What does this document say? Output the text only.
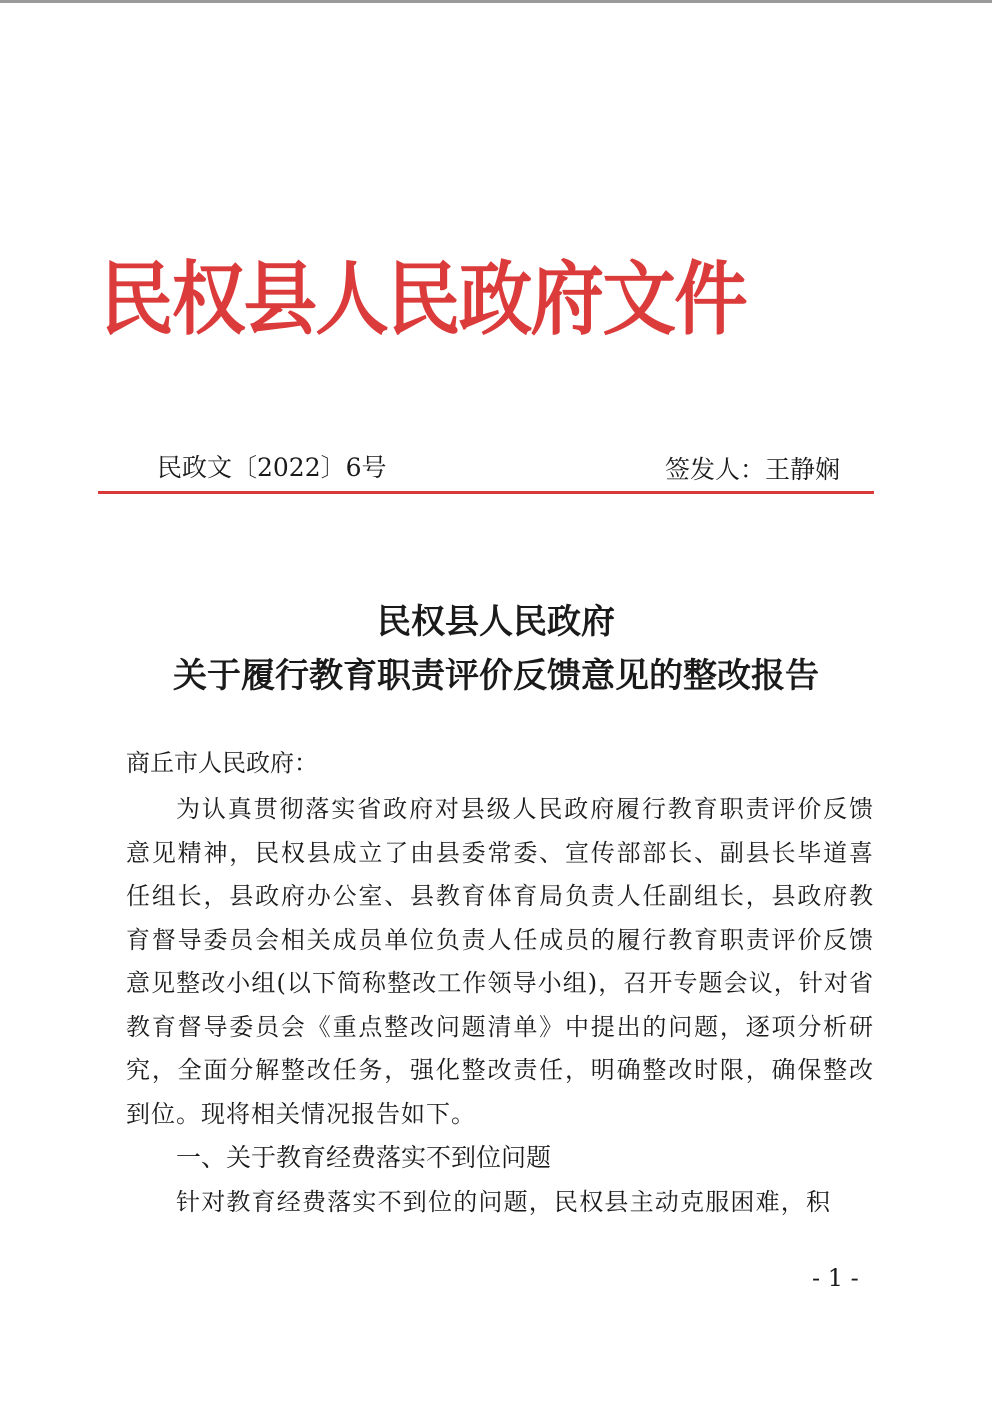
民权县人民政府文件
民政文〔2022〕6号	签发人：王静娴
民权县人民政府
关于履行教育职责评价反馈意见的整改报告
商丘市人民政府：
为认真贯彻落实省政府对县级人民政府履行教育职责评价反馈意见精神，民权县成立了由县委常委、宣传部部长、副县长毕道喜任组长，县政府办公室、县教育体育局负责人任副组长，县政府教育督导委员会相关成员单位负责人任成员的履行教育职责评价反馈意见整改小组(以下简称整改工作领导小组)，召开专题会议，针对省教育督导委员会《重点整改问题清单》中提出的问题，逐项分析研究，全面分解整改任务，强化整改责任，明确整改时限，确保整改到位。现将相关情况报告如下。
一、关于教育经费落实不到位问题
针对教育经费落实不到位的问题，民权县主动克服困难，积
- 1 -
